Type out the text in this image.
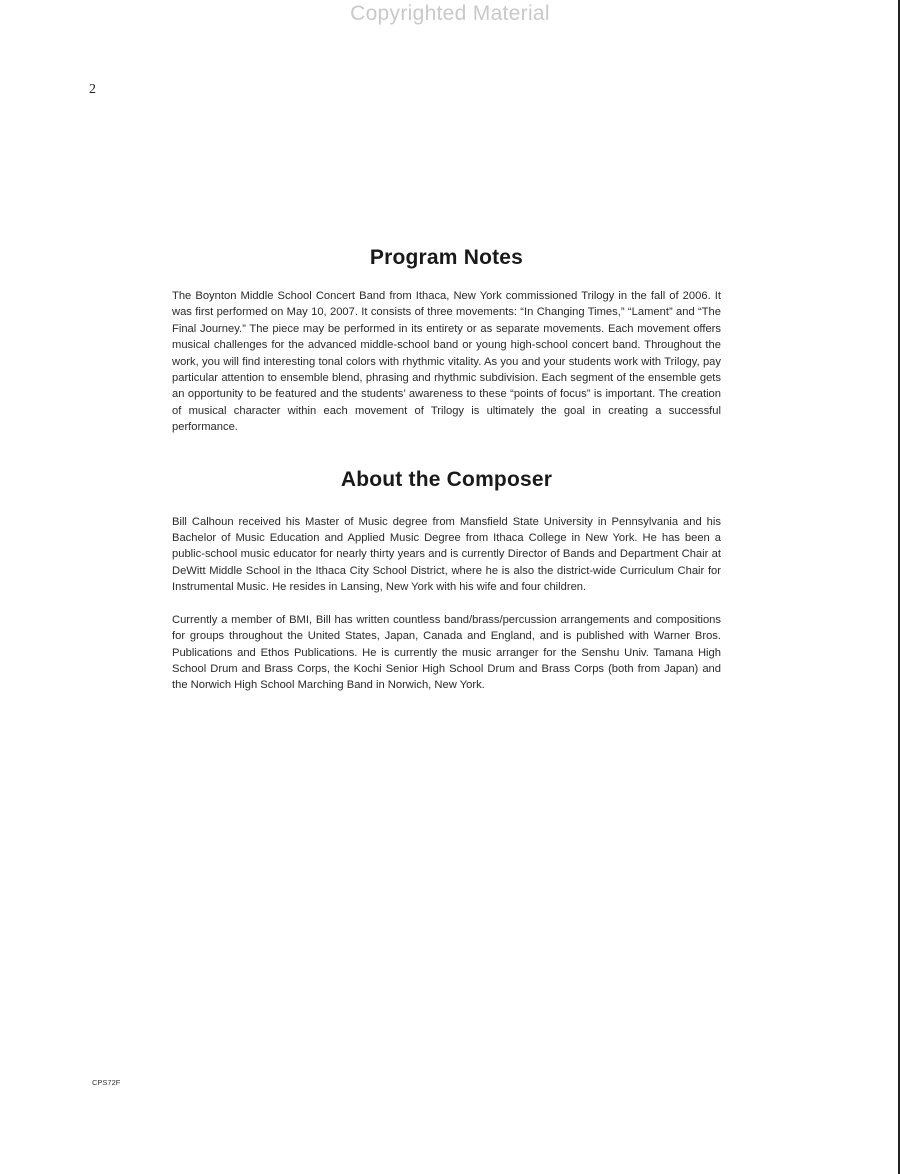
Copyrighted Material
2
Program Notes

The Boynton Middle School Concert Band from Ithaca, New York commissioned Trilogy in the fall of 2006. It was first performed on May 10, 2007. It consists of three movements: “In Changing Times,” “Lament” and “The Final Journey.” The piece may be performed in its entirety or as separate movements. Each movement offers musical challenges for the advanced middle-school band or young high-school concert band. Throughout the work, you will find interesting tonal colors with rhythmic vitality. As you and your students work with Trilogy, pay particular attention to ensemble blend, phrasing and rhythmic subdivision. Each segment of the ensemble gets an opportunity to be featured and the students’ awareness to these “points of focus” is important. The creation of musical character within each movement of Trilogy is ultimately the goal in creating a successful performance.

About the Composer

Bill Calhoun received his Master of Music degree from Mansfield State University in Pennsylvania and his Bachelor of Music Education and Applied Music Degree from Ithaca College in New York. He has been a public-school music educator for nearly thirty years and is currently Director of Bands and Department Chair at DeWitt Middle School in the Ithaca City School District, where he is also the district-wide Curriculum Chair for Instrumental Music. He resides in Lansing, New York with his wife and four children.

Currently a member of BMI, Bill has written countless band/brass/percussion arrangements and compositions for groups throughout the United States, Japan, Canada and England, and is published with Warner Bros. Publications and Ethos Publications. He is currently the music arranger for the Senshu Univ. Tamana High School Drum and Brass Corps, the Kochi Senior High School Drum and Brass Corps (both from Japan) and the Norwich High School Marching Band in Norwich, New York.

CPS72F
